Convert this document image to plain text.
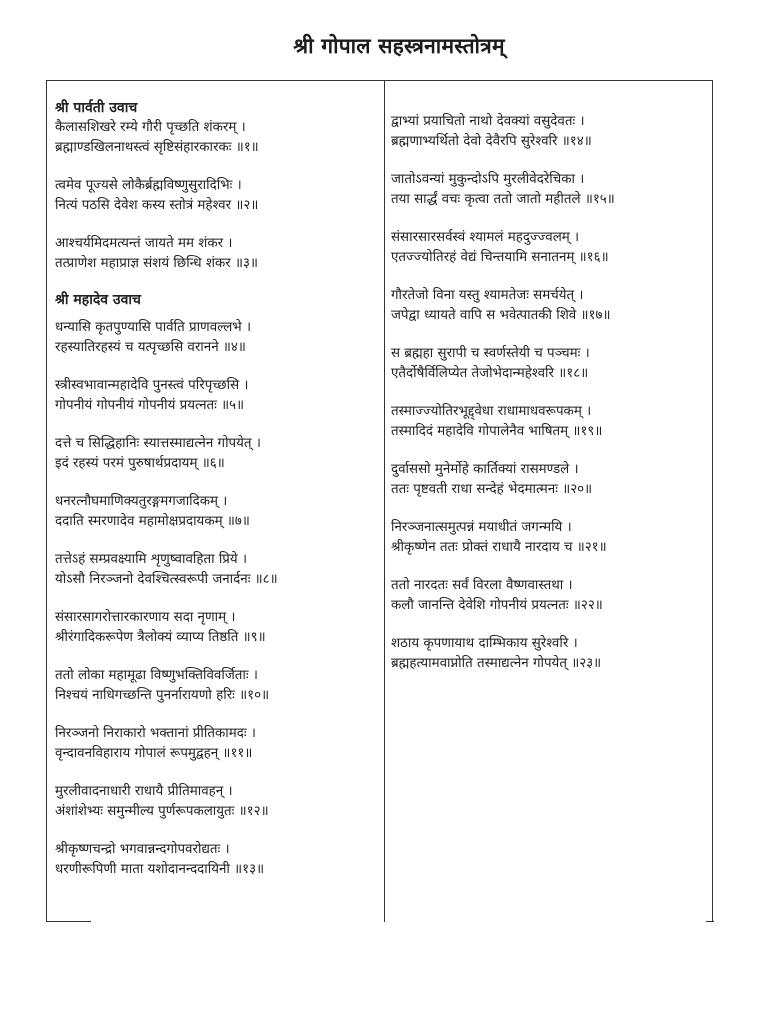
श्री गोपाल सहस्त्रनामस्तोत्रम्

श्री पार्वती उवाच

कैलासशिखरे रम्ये गौरी पृच्छति शंकरम् ।
ब्रह्माण्डखिलनाथस्त्वं सृष्टिसंहारकारकः ॥१॥
त्वमेव पूज्यसे लोकैर्ब्रह्मविष्णुसुरादिभिः ।
नित्यं पठसि देवेश कस्य स्तोत्रं महेश्वर ॥२॥
आश्चर्यमिदमत्यन्तं जायते मम शंकर ।
तत्प्राणेश महाप्राज्ञ संशयं छिन्धि शंकर ॥३॥

श्री महादेव उवाच

धन्यासि कृतपुण्यासि पार्वति प्राणवल्लभे ।
रहस्यातिरहस्यं च यत्पृच्छसि वरानने ॥४॥
स्त्रीस्वभावान्महादेवि पुनस्त्वं परिपृच्छसि ।
गोपनीयं गोपनीयं गोपनीयं प्रयत्नतः ॥५॥
दत्ते च सिद्धिहानिः स्यात्तस्माद्यत्नेन गोपयेत् ।
इदं रहस्यं परमं पुरुषार्थप्रदायम् ॥६॥
धनरत्नौघमाणिक्यतुरङ्गमगजादिकम् ।
ददाति स्मरणादेव महामोक्षप्रदायकम् ॥७॥
तत्तेऽहं सम्प्रवक्ष्यामि शृणुष्वावहिता प्रिये ।
योऽसौ निरञ्जनो देवश्चित्स्वरूपी जनार्दनः ॥८॥
संसारसागरोत्तारकारणाय सदा नृणाम् ।
श्रीरंगादिकरूपेण त्रैलोक्यं व्याप्य तिष्ठति ॥९॥
ततो लोका महामूढा विष्णुभक्तिविवर्जिताः ।
निश्चयं नाधिगच्छन्ति पुनर्नारायणो हरिः ॥१०॥
निरञ्जनो निराकारो भक्तानां प्रीतिकामदः ।
वृन्दावनविहाराय गोपालं रूपमुद्वहन् ॥११॥
मुरलीवादनाधारी राधायै प्रीतिमावहन् ।
अंशांशेभ्यः समुन्मील्य पुर्णरूपकलायुतः ॥१२॥
श्रीकृष्णचन्द्रो भगवान्नन्दगोपवरोद्यतः ।
धरणीरूपिणी माता यशोदानन्ददायिनी ॥१३॥
द्वाभ्यां प्रयाचितो नाथो देवक्यां वसुदेवतः ।
ब्रह्मणाभ्यर्थितो देवो देवैरपि सुरेश्वरि ॥१४॥
जातोऽवन्यां मुकुन्दोऽपि मुरलीवेदरेचिका ।
तया सार्द्धं वचः कृत्वा ततो जातो महीतले ॥१५॥
संसारसारसर्वस्वं श्यामलं महदुज्ज्वलम् ।
एतज्ज्योतिरहं वेद्यं चिन्तयामि सनातनम् ॥१६॥
गौरतेजो विना यस्तु श्यामतेजः समर्चयेत् ।
जपेद्वा ध्यायते वापि स भवेत्पातकी शिवे ॥१७॥
स ब्रह्महा सुरापी च स्वर्णस्तेयी च पञ्चमः ।
एतैर्दोषैर्विलिप्येत तेजोभेदान्महेश्वरि ॥१८॥
तस्माज्ज्योतिरभूद्द्वेधा राधामाधवरूपकम् ।
तस्मादिदं महादेवि गोपालेनैव भाषितम् ॥१९॥
दुर्वाससो मुनेर्मोहे कार्तिक्यां रासमण्डले ।
ततः पृष्टवती राधा सन्देहं भेदमात्मनः ॥२०॥
निरञ्जनात्समुत्पन्नं मयाधीतं जगन्मयि ।
श्रीकृष्णेन ततः प्रोक्तं राधायै नारदाय च ॥२१॥
ततो नारदतः सर्वं विरला वैष्णवास्तथा ।
कलौ जानन्ति देवेशि गोपनीयं प्रयत्नतः ॥२२॥
शठाय कृपणायाथ दाम्भिकाय सुरेश्वरि ।
ब्रह्महत्यामवाप्नोति तस्माद्यत्नेन गोपयेत् ॥२३॥
